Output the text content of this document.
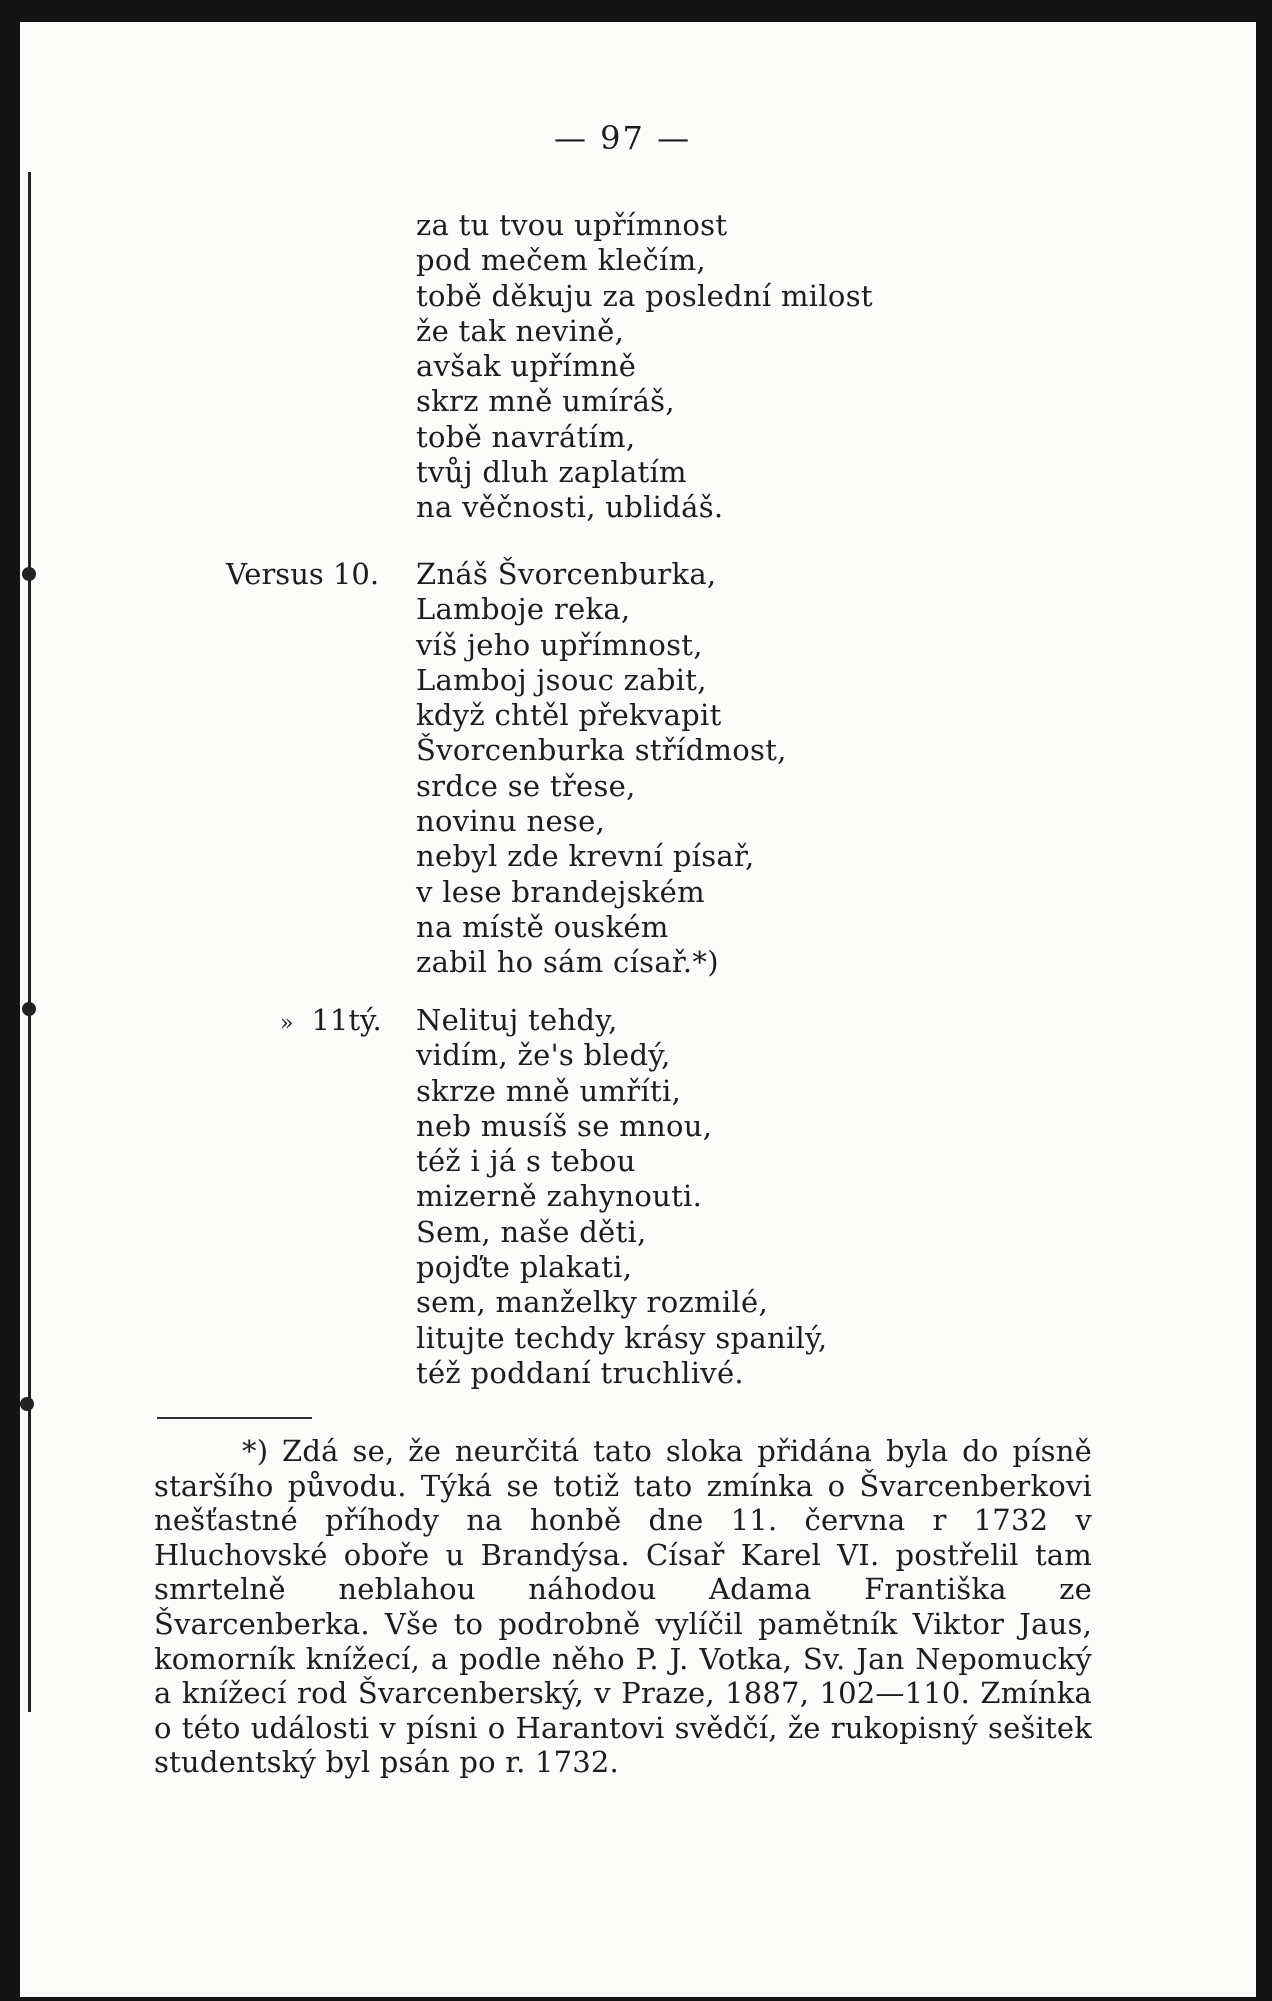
— 97 —
za tu tvou upřímnost
pod mečem klečím,
tobě děkuju za poslední milost
že tak nevině,
avšak upřímně
skrz mně umíráš,
tobě navrátím,
tvůj dluh zaplatím
na věčnosti, ublidáš.
Versus 10. Znáš Švorcenburka,
Lamboje reka,
víš jeho upřímnost,
Lamboj jsouc zabit,
když chtěl překvapit
Švorcenburka střídmost,
srdce se třese,
novinu nese,
nebyl zde krevní písař,
v lese brandejském
na místě ouském
zabil ho sám císař.*)
» 11tý. Nelituj tehdy,
vidím, že's bledý,
skrze mně umříti,
neb musíš se mnou,
též i já s tebou
mizerně zahynouti.
Sem, naše děti,
pojďte plakati,
sem, manželky rozmilé,
litujte techdy krásy spanilý,
též poddaní truchlivé.
*) Zdá se, že neurčitá tato sloka přidána byla do písně staršího původu. Týká se totiž tato zmínka o Švarcenberkovi nešťastné příhody na honbě dne 11. června r 1732 v Hluchovské oboře u Brandýsa. Císař Karel VI. postřelil tam smrtelně neblahou náhodou Adama Františka ze Švarcenberka. Vše to podrobně vylíčil pamětník Viktor Jaus, komorník knížecí, a podle něho P. J. Votka, Sv. Jan Nepomucký a knížecí rod Švarcenberský, v Praze, 1887, 102—110. Zmínka o této události v písni o Harantovi svědčí, že rukopisný sešitek studentský byl psán po r. 1732.
